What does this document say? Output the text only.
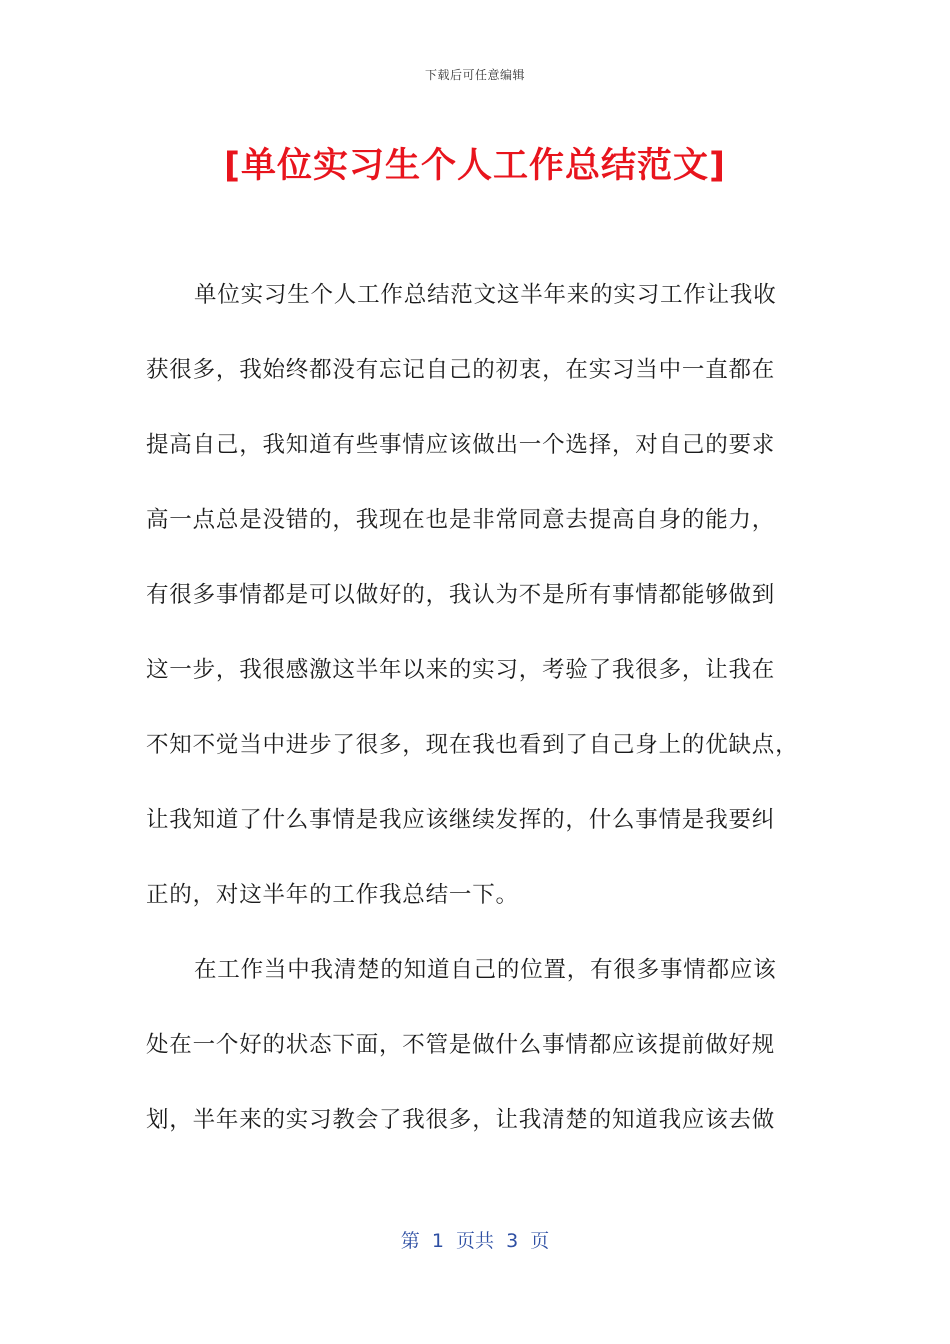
下载后可任意编辑
[单位实习生个人工作总结范文]
单位实习生个人工作总结范文这半年来的实习工作让我收
获很多，我始终都没有忘记自己的初衷，在实习当中一直都在
提高自己，我知道有些事情应该做出一个选择，对自己的要求
高一点总是没错的，我现在也是非常同意去提高自身的能力，
有很多事情都是可以做好的，我认为不是所有事情都能够做到
这一步，我很感激这半年以来的实习，考验了我很多，让我在
不知不觉当中进步了很多，现在我也看到了自己身上的优缺点，
让我知道了什么事情是我应该继续发挥的，什么事情是我要纠
正的，对这半年的工作我总结一下。
在工作当中我清楚的知道自己的位置，有很多事情都应该
处在一个好的状态下面，不管是做什么事情都应该提前做好规
划，半年来的实习教会了我很多，让我清楚的知道我应该去做
第  1  页共  3  页
